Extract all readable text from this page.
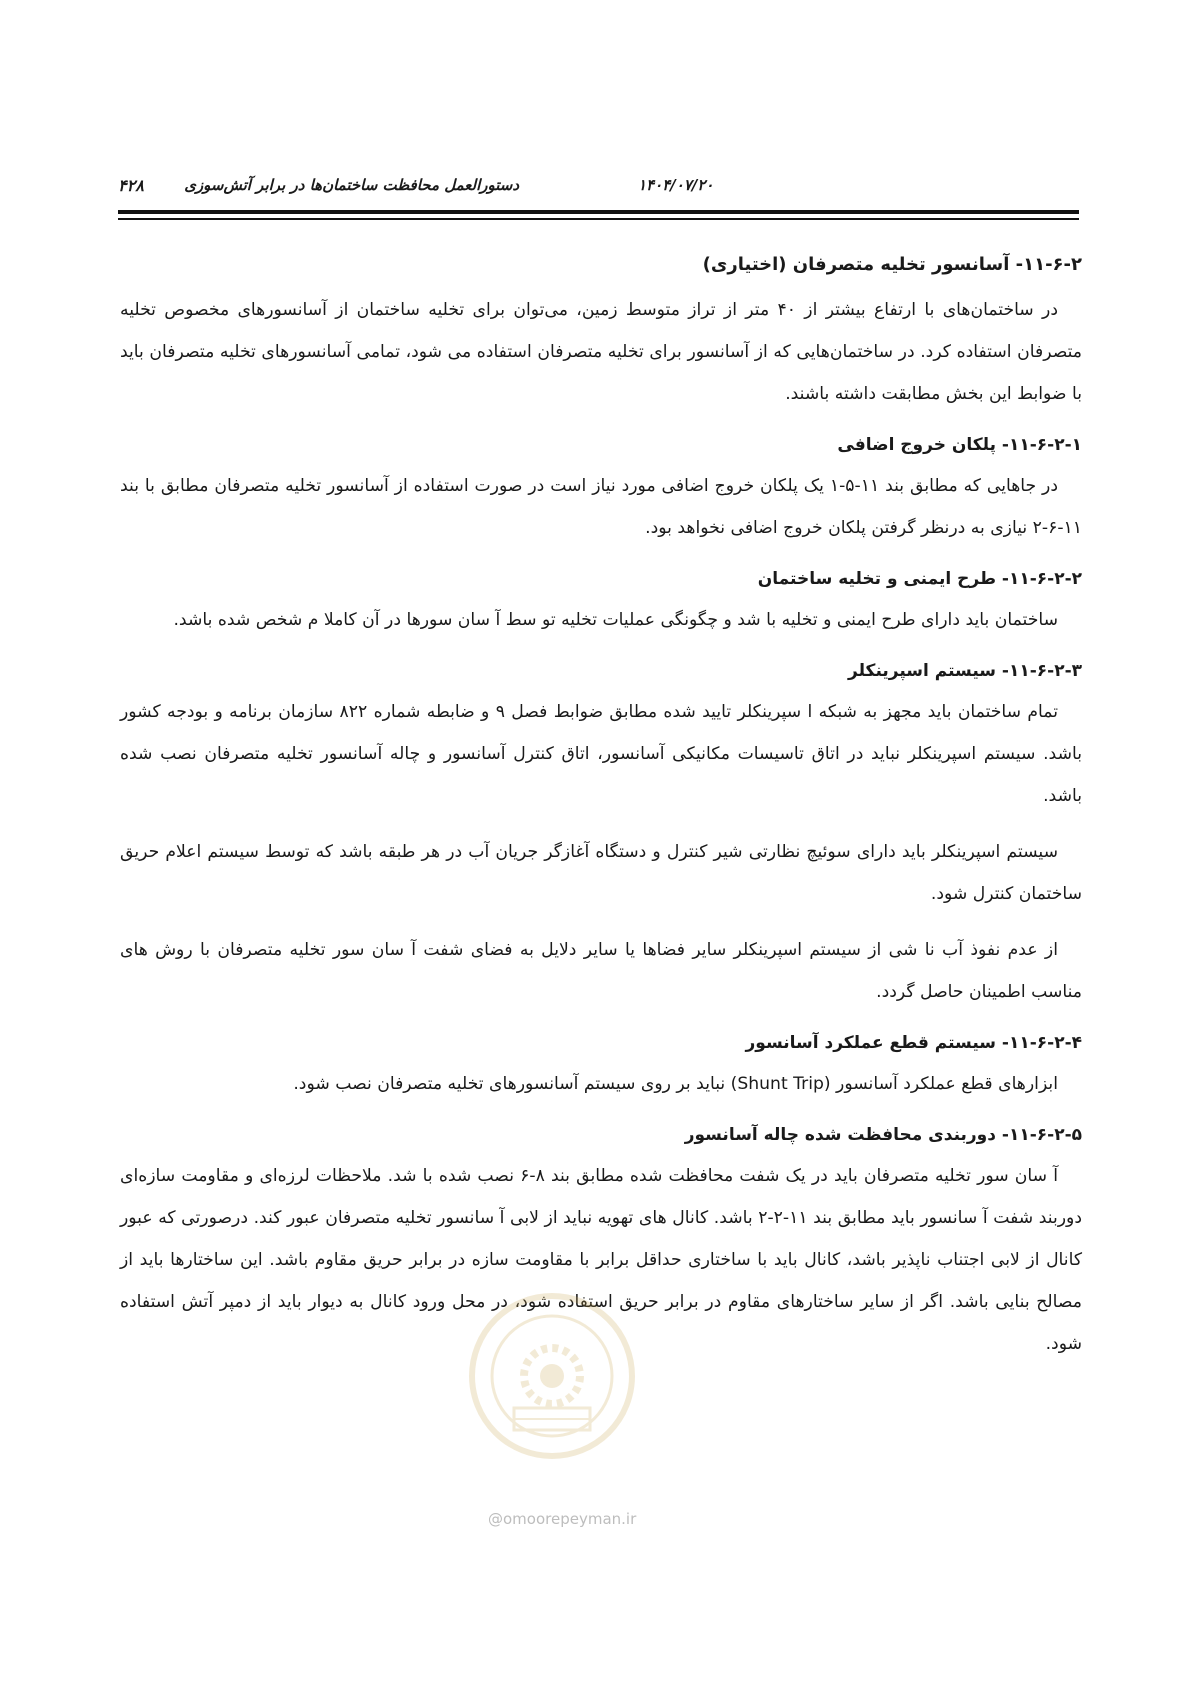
دستورالعمل محافظت ساختمان‌ها در برابر آتش‌سوزی	۱۴۰۴/۰۷/۲۰
۴۲۸
۱۱-۶-۲- آسانسور تخلیه متصرفان (اختیاری)

در ساختمان‌های با ارتفاع بیشتر از ۴۰ متر از تراز متوسط زمین، می‌توان برای تخلیه ساختمان از آسانسورهای مخصوص تخلیه متصرفان استفاده کرد. در ساختمان‌هایی که از آسانسور برای تخلیه متصرفان استفاده می شود، تمامی آسانسورهای تخلیه متصرفان باید با ضوابط این بخش مطابقت داشته باشند.

۱۱-۶-۲-۱- پلکان خروج اضافی

در جاهایی که مطابق بند ۱۱-۵-۱ یک پلکان خروج اضافی مورد نیاز است در صورت استفاده از آسانسور تخلیه متصرفان مطابق با بند ۱۱-۶-۲ نیازی به درنظر گرفتن پلکان خروج اضافی نخواهد بود.

۱۱-۶-۲-۲- طرح ایمنی و تخلیه ساختمان

ساختمان باید دارای طرح ایمنی و تخلیه با شد و چگونگی عملیات تخلیه تو سط آ سان سورها در آن کاملا م شخص شده باشد.

۱۱-۶-۲-۳- سیستم اسپرینکلر

تمام ساختمان باید مجهز به شبکه ا سپرینکلر تایید شده مطابق ضوابط فصل ۹ و ضابطه شماره ۸۲۲ سازمان برنامه و بودجه کشور باشد. سیستم اسپرینکلر نباید در اتاق تاسیسات مکانیکی آسانسور، اتاق کنترل آسانسور و چاله آسانسور تخلیه متصرفان نصب شده باشد.

سیستم اسپرینکلر باید دارای سوئیچ نظارتی شیر کنترل و دستگاه آغازگر جریان آب در هر طبقه باشد که توسط سیستم اعلام حریق ساختمان کنترل شود.

از عدم نفوذ آب نا شی از سیستم اسپرینکلر سایر فضاها یا سایر دلایل به فضای شفت آ سان سور تخلیه متصرفان با روش های مناسب اطمینان حاصل گردد.

۱۱-۶-۲-۴- سیستم قطع عملکرد آسانسور

ابزارهای قطع عملکرد آسانسور (Shunt Trip) نباید بر روی سیستم آسانسورهای تخلیه متصرفان نصب شود.

۱۱-۶-۲-۵- دوربندی محافظت شده چاله آسانسور

آ سان سور تخلیه متصرفان باید در یک شفت محافظت شده مطابق بند ۸-۶ نصب شده با شد. ملاحظات لرزه‌ای و مقاومت سازه‌ای دوربند شفت آ سانسور باید مطابق بند ۱۱-۲-۲ باشد. کانال های تهویه نباید از لابی آ سانسور تخلیه متصرفان عبور کند. درصورتی که عبور کانال از لابی اجتناب ناپذیر باشد، کانال باید با ساختاری حداقل برابر با مقاومت سازه در برابر حریق مقاوم باشد. این ساختارها باید از مصالح بنایی باشد. اگر از سایر ساختارهای مقاوم در برابر حریق استفاده شود، در محل ورود کانال به دیوار باید از دمپر آتش استفاده شود.

@omoorepeyman.ir
